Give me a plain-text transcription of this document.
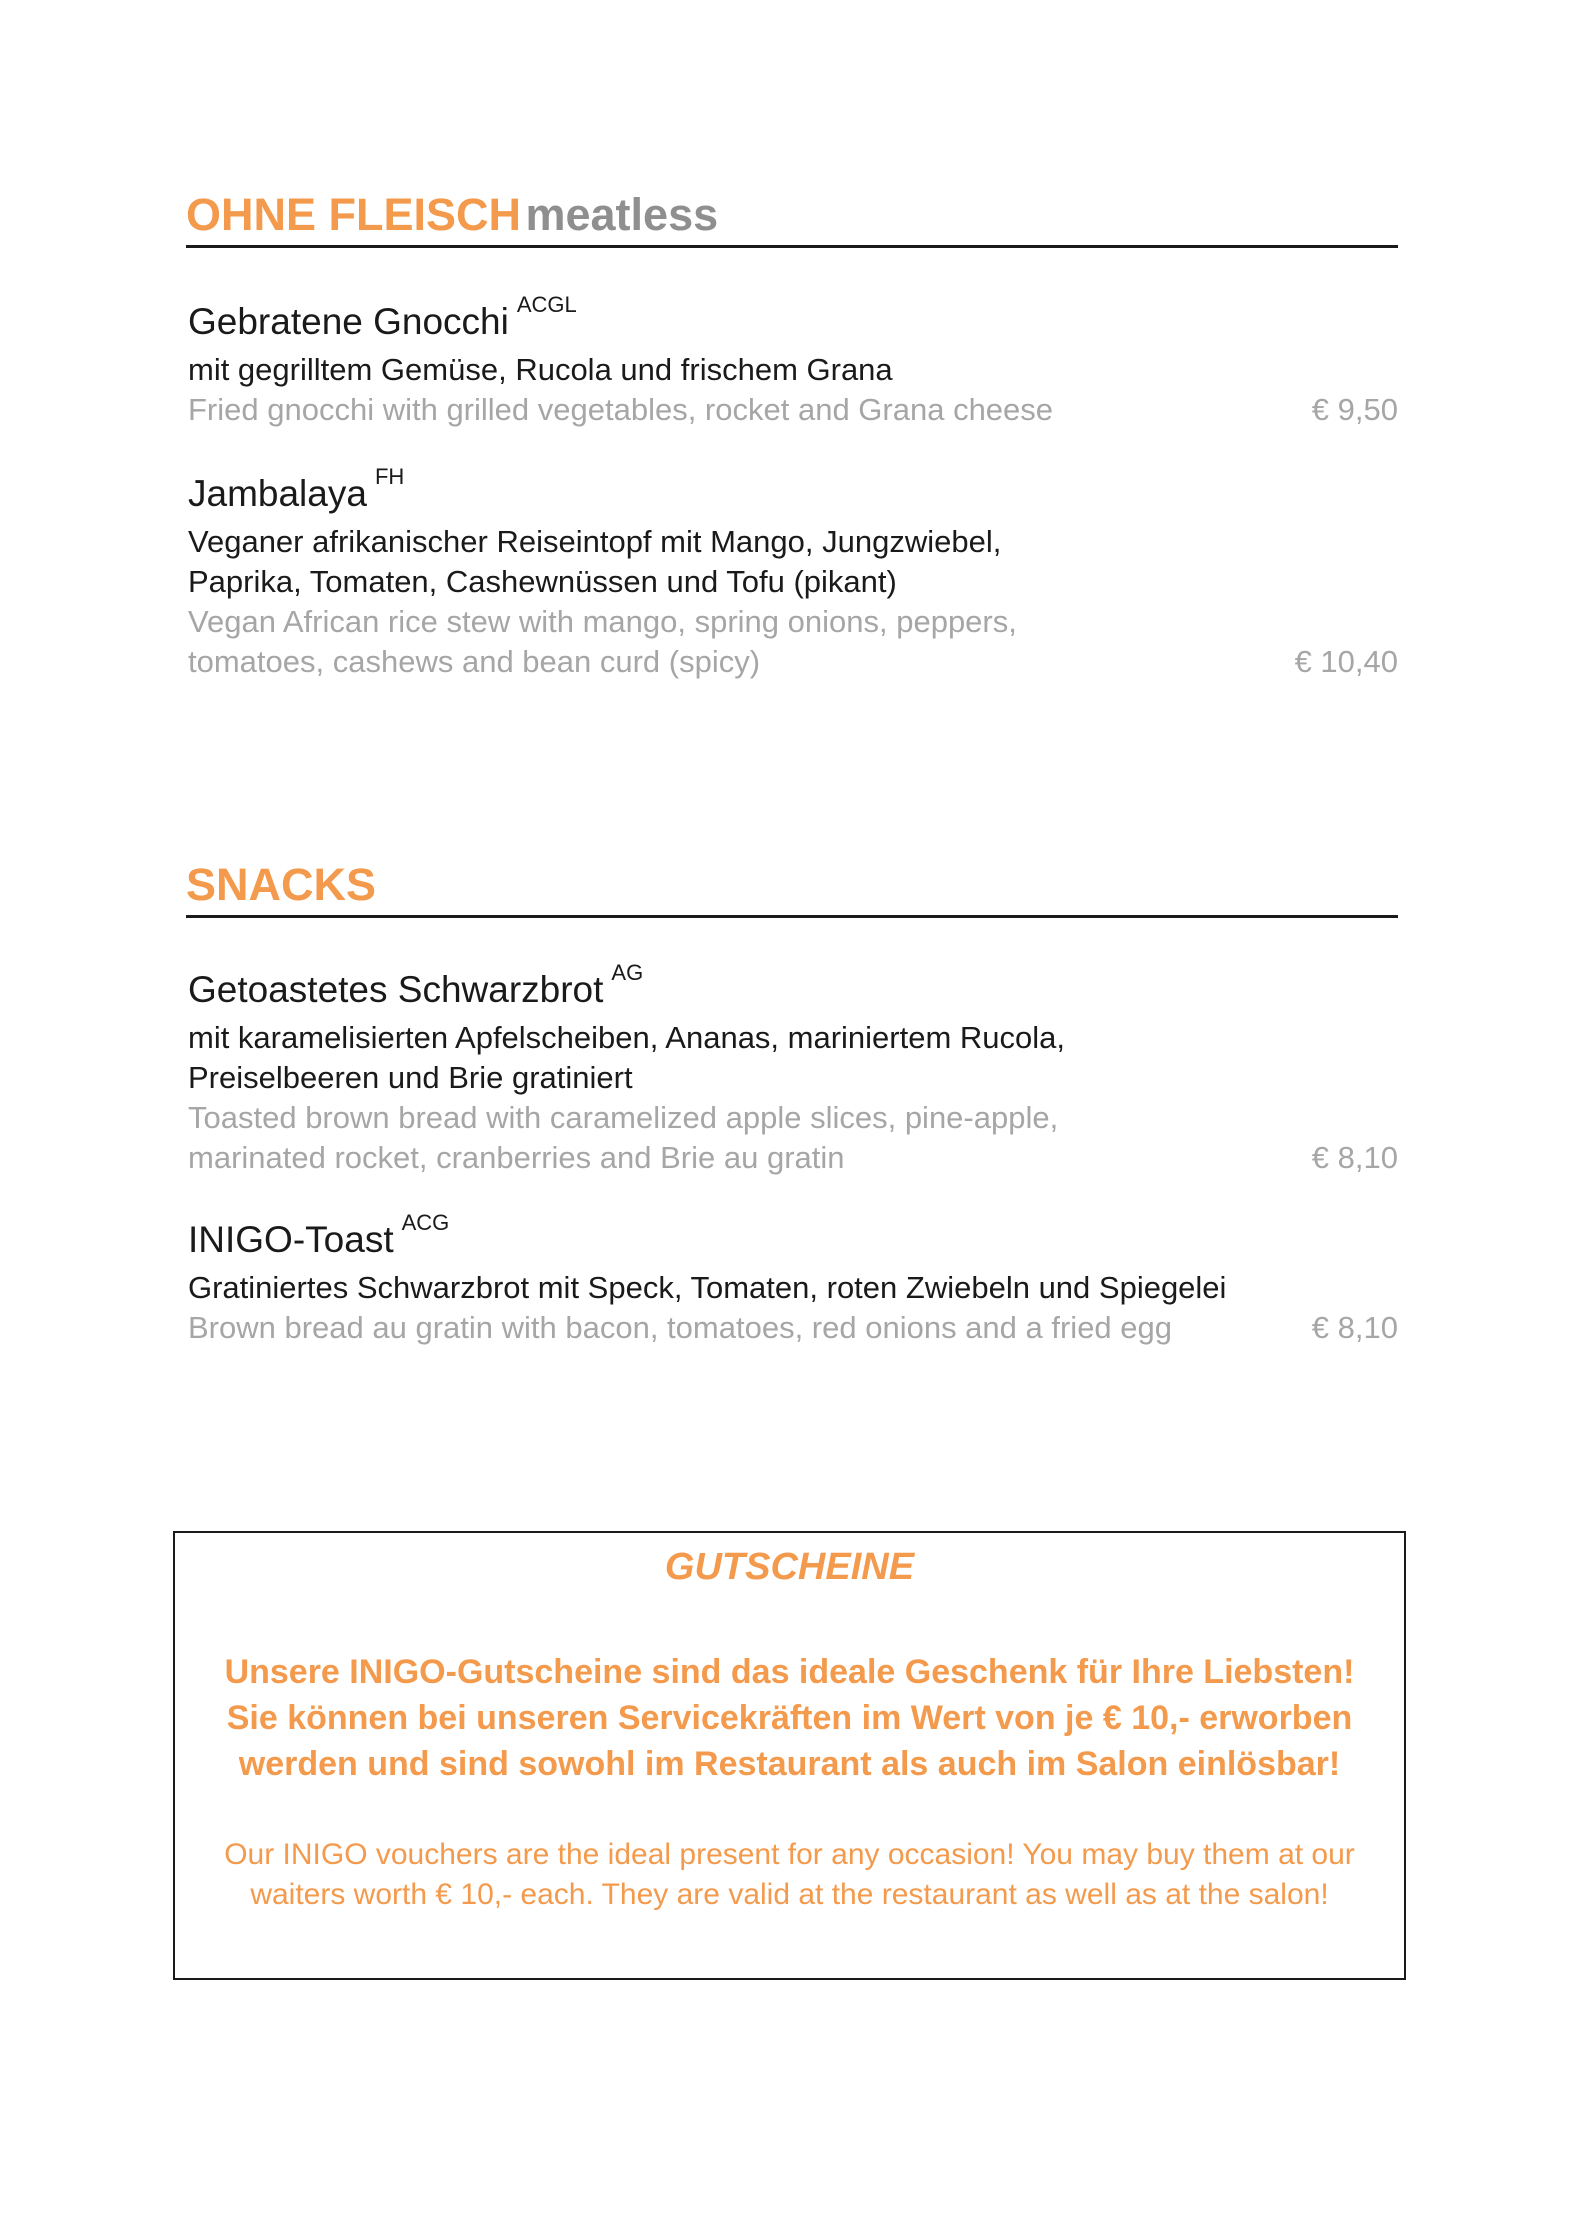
OHNE FLEISCH meatless
Gebratene Gnocchi $^{ACGL}$
mit gegrilltem Gemüse, Rucola und frischem Grana
Fried gnocchi with grilled vegetables, rocket and Grana cheese	€ 9,50
Jambalaya $^{FH}$
Veganer afrikanischer Reiseintopf mit Mango, Jungzwiebel,
Paprika, Tomaten, Cashewnüssen und Tofu (pikant)
Vegan African rice stew with mango, spring onions, peppers,
tomatoes, cashews and bean curd (spicy)	€ 10,40
SNACKS
Getoastetes Schwarzbrot $^{AG}$
mit karamelisierten Apfelscheiben, Ananas, mariniertem Rucola,
Preiselbeeren und Brie gratiniert
Toasted brown bread with caramelized apple slices, pine-apple,
marinated rocket, cranberries and Brie au gratin	€ 8,10
INIGO-Toast $^{ACG}$
Gratiniertes Schwarzbrot mit Speck, Tomaten, roten Zwiebeln und Spiegelei
Brown bread au gratin with bacon, tomatoes, red onions and a fried egg	€ 8,10
GUTSCHEINE
Unsere INIGO-Gutscheine sind das ideale Geschenk für Ihre Liebsten! Sie können bei unseren Servicekräften im Wert von je € 10,- erworben werden und sind sowohl im Restaurant als auch im Salon einlösbar!
Our INIGO vouchers are the ideal present for any occasion! You may buy them at our waiters worth € 10,- each. They are valid at the restaurant as well as at the salon!
